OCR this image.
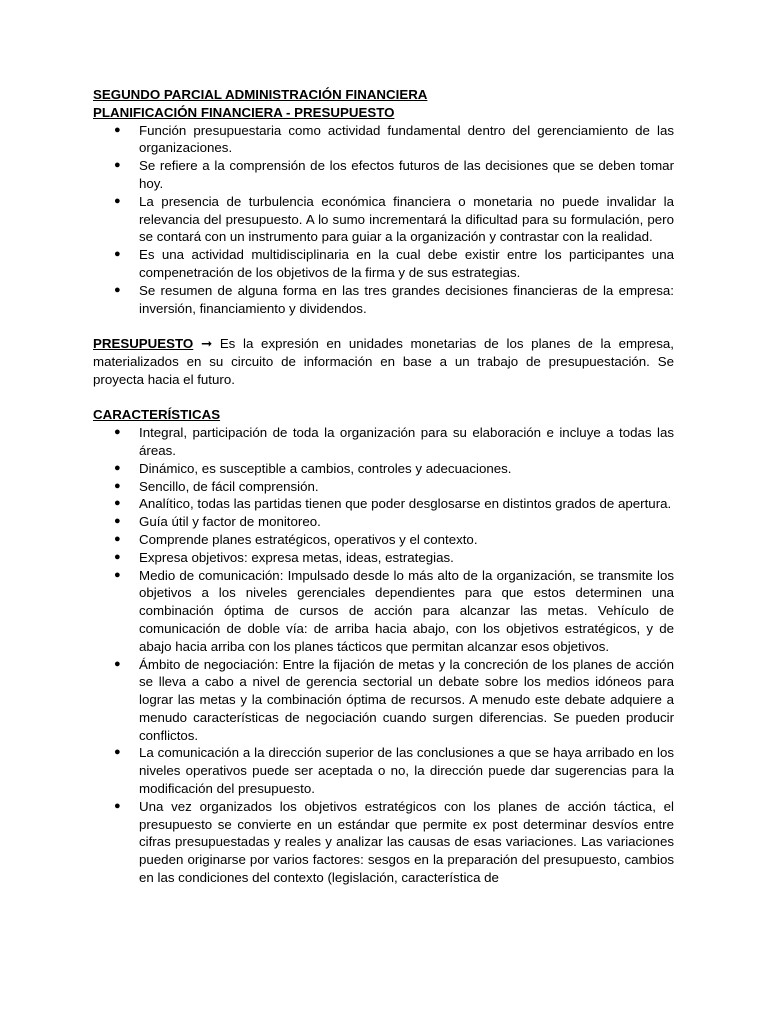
SEGUNDO PARCIAL ADMINISTRACIÓN FINANCIERA

PLANIFICACIÓN FINANCIERA - PRESUPUESTO

● Función presupuestaria como actividad fundamental dentro del gerenciamiento de las organizaciones.
● Se refiere a la comprensión de los efectos futuros de las decisiones que se deben tomar hoy.
● La presencia de turbulencia económica financiera o monetaria no puede invalidar la relevancia del presupuesto. A lo sumo incrementará la dificultad para su formulación, pero se contará con un instrumento para guiar a la organización y contrastar con la realidad.
● Es una actividad multidisciplinaria en la cual debe existir entre los participantes una compenetración de los objetivos de la firma y de sus estrategias.
● Se resumen de alguna forma en las tres grandes decisiones financieras de la empresa: inversión, financiamiento y dividendos.

PRESUPUESTO ➞ Es la expresión en unidades monetarias de los planes de la empresa, materializados en su circuito de información en base a un trabajo de presupuestación. Se proyecta hacia el futuro.

CARACTERÍSTICAS

● Integral, participación de toda la organización para su elaboración e incluye a todas las áreas.
● Dinámico, es susceptible a cambios, controles y adecuaciones.
● Sencillo, de fácil comprensión.
● Analítico, todas las partidas tienen que poder desglosarse en distintos grados de apertura.
● Guía útil y factor de monitoreo.
● Comprende planes estratégicos, operativos y el contexto.
● Expresa objetivos: expresa metas, ideas, estrategias.
● Medio de comunicación: Impulsado desde lo más alto de la organización, se transmite los objetivos a los niveles gerenciales dependientes para que estos determinen una combinación óptima de cursos de acción para alcanzar las metas. Vehículo de comunicación de doble vía: de arriba hacia abajo, con los objetivos estratégicos, y de abajo hacia arriba con los planes tácticos que permitan alcanzar esos objetivos.
● Ámbito de negociación: Entre la fijación de metas y la concreción de los planes de acción se lleva a cabo a nivel de gerencia sectorial un debate sobre los medios idóneos para lograr las metas y la combinación óptima de recursos. A menudo este debate adquiere a menudo características de negociación cuando surgen diferencias. Se pueden producir conflictos.
● La comunicación a la dirección superior de las conclusiones a que se haya arribado en los niveles operativos puede ser aceptada o no, la dirección puede dar sugerencias para la modificación del presupuesto.
● Una vez organizados los objetivos estratégicos con los planes de acción táctica, el presupuesto se convierte en un estándar que permite ex post determinar desvíos entre cifras presupuestadas y reales y analizar las causas de esas variaciones. Las variaciones pueden originarse por varios factores: sesgos en la preparación del presupuesto, cambios en las condiciones del contexto (legislación, característica de
